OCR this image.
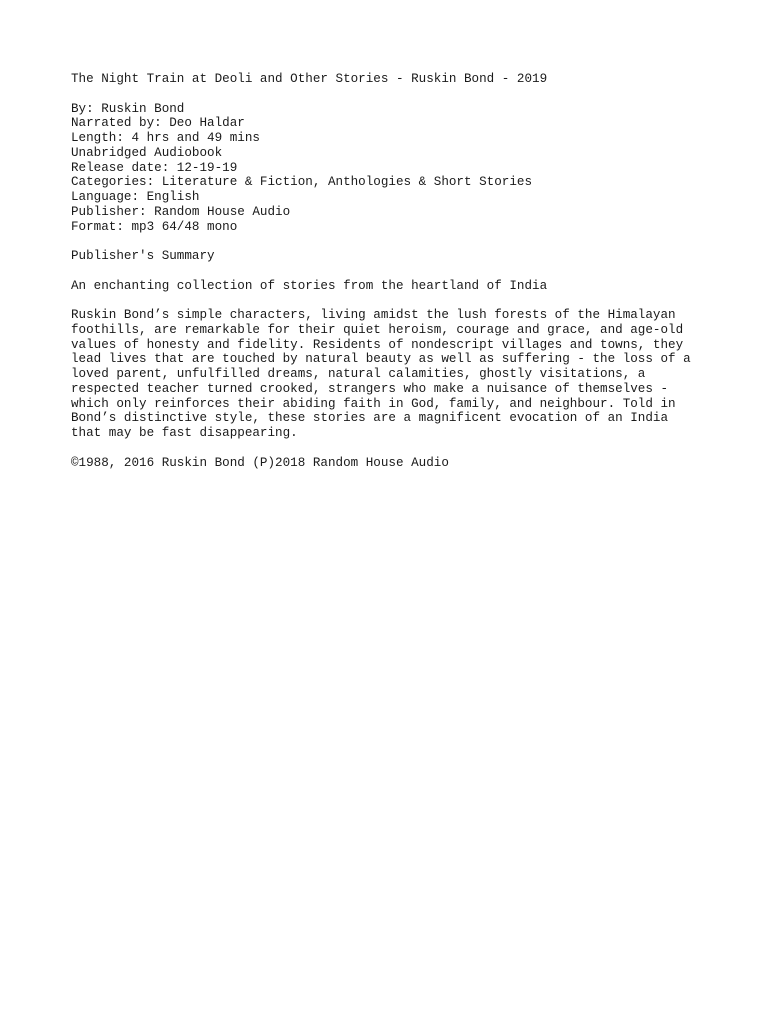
The Night Train at Deoli and Other Stories - Ruskin Bond - 2019
By: Ruskin Bond
Narrated by: Deo Haldar
Length: 4 hrs and 49 mins
Unabridged Audiobook
Release date: 12-19-19
Categories: Literature & Fiction, Anthologies & Short Stories
Language: English
Publisher: Random House Audio
Format: mp3 64/48 mono
Publisher's Summary
An enchanting collection of stories from the heartland of India
Ruskin Bond’s simple characters, living amidst the lush forests of the Himalayan
foothills, are remarkable for their quiet heroism, courage and grace, and age-old
values of honesty and fidelity. Residents of nondescript villages and towns, they
lead lives that are touched by natural beauty as well as suffering - the loss of a
loved parent, unfulfilled dreams, natural calamities, ghostly visitations, a
respected teacher turned crooked, strangers who make a nuisance of themselves -
which only reinforces their abiding faith in God, family, and neighbour. Told in
Bond’s distinctive style, these stories are a magnificent evocation of an India
that may be fast disappearing.
©1988, 2016 Ruskin Bond (P)2018 Random House Audio
